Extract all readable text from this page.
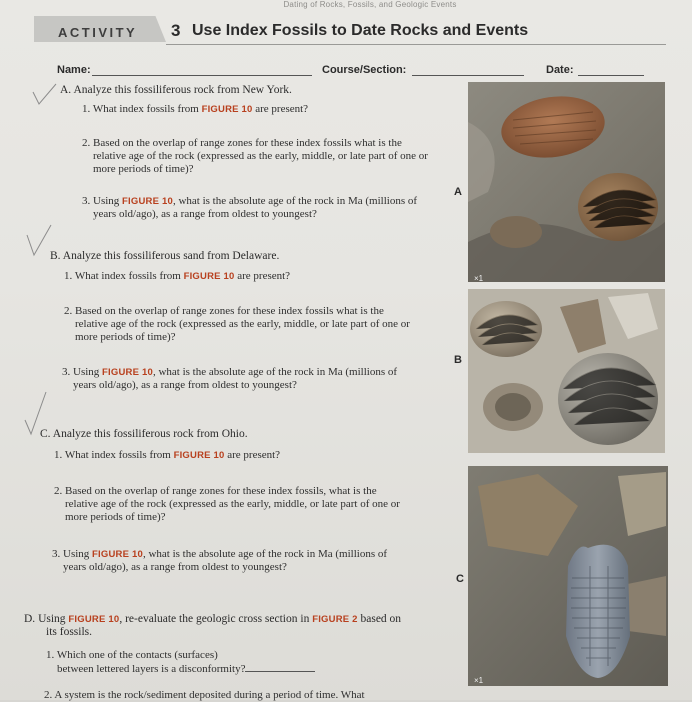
Dating of Rocks, Fossils, and Geologic Events
ACTIVITY 3 Use Index Fossils to Date Rocks and Events
Name:	Course/Section:	Date:
A. Analyze this fossiliferous rock from New York.
1. What index fossils from FIGURE 10 are present?
2. Based on the overlap of range zones for these index fossils what is the
relative age of the rock (expressed as the early, middle, or late part of one or
more periods of time)?
3. Using FIGURE 10, what is the absolute age of the rock in Ma (millions of
years old/ago), as a range from oldest to youngest?
B. Analyze this fossiliferous sand from Delaware.
1. What index fossils from FIGURE 10 are present?
2. Based on the overlap of range zones for these index fossils what is the
relative age of the rock (expressed as the early, middle, or late part of one or
more periods of time)?
3. Using FIGURE 10, what is the absolute age of the rock in Ma (millions of
years old/ago), as a range from oldest to youngest?
C. Analyze this fossiliferous rock from Ohio.
1. What index fossils from FIGURE 10 are present?
2. Based on the overlap of range zones for these index fossils, what is the
relative age of the rock (expressed as the early, middle, or late part of one or
more periods of time)?
3. Using FIGURE 10, what is the absolute age of the rock in Ma (millions of
years old/ago), as a range from oldest to youngest?
D. Using FIGURE 10, re-evaluate the geologic cross section in FIGURE 2 based on
its fossils.
1. Which one of the contacts (surfaces)
between lettered layers is a disconformity?
2. A system is the rock/sediment deposited during a period of time. What
A
×1
B
C
×1
